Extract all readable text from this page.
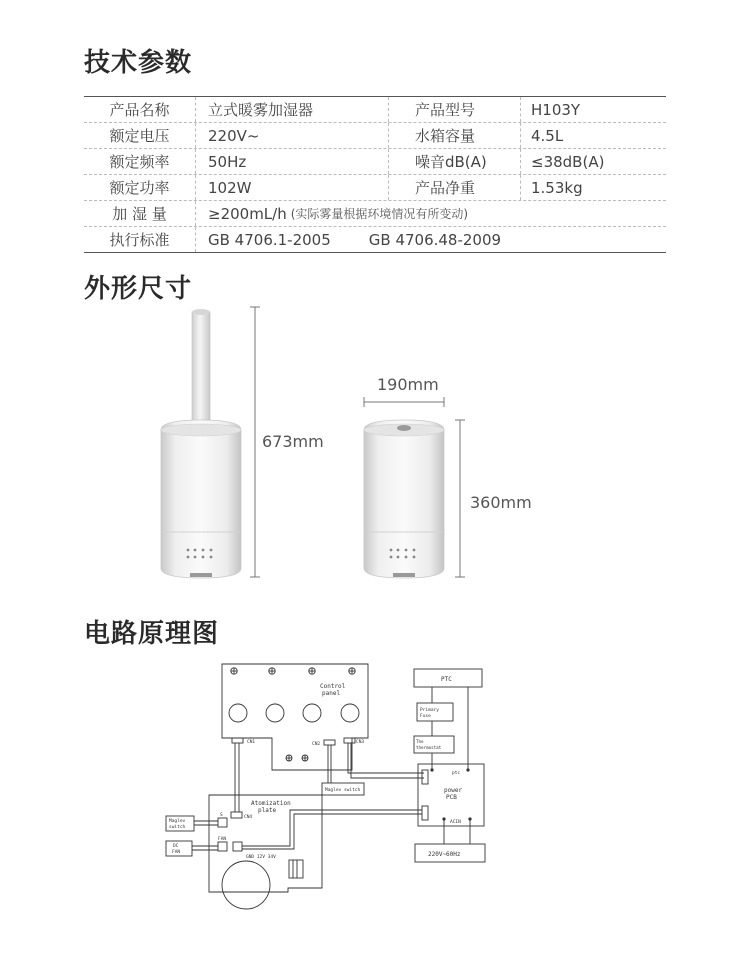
技术参数
产品名称	立式暖雾加湿器	产品型号	H103Y
额定电压	220V~	水箱容量	4.5L
额定频率	50Hz	噪音dB(A)	≤38dB(A)
额定功率	102W	产品净重	1.53kg
加 湿 量	≥200mL/h (实际雾量根据环境情况有所变动)
执行标准	GB 4706.1-2005	GB 4706.48-2009
外形尺寸
673mm
190mm
360mm
电路原理图
Control
panel
CN1	CN2	CN3
Maglev switch
PTC
Primary
Fuse
The
thermostat
ptc
power
PCB
ACIN
220V~60Hz
Atomization
plate
CN4
S
FAN
GND 12V 34V
Maglev
switch
DC
FAN
